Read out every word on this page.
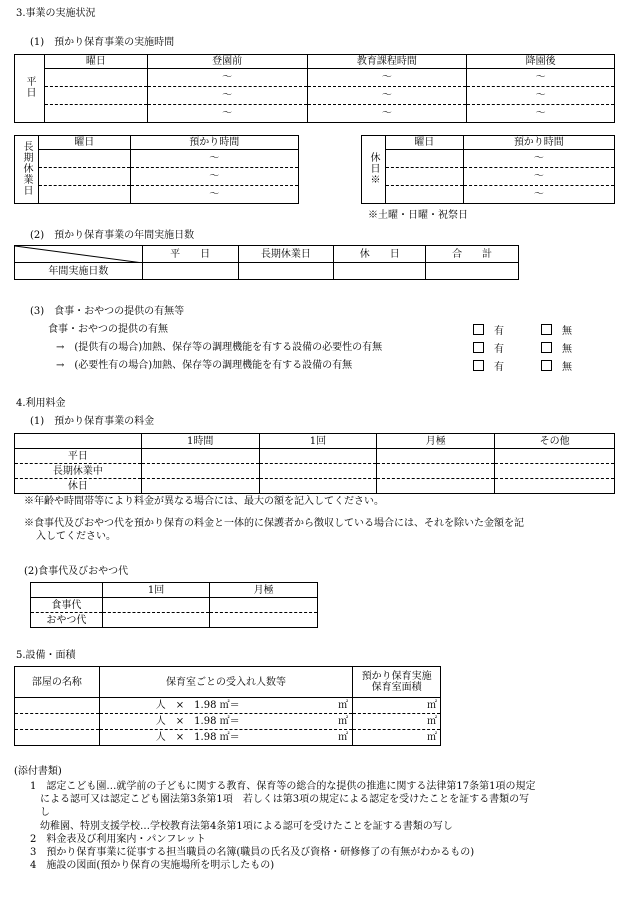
3.事業の実施状況
(1)　預かり保育事業の実施時間
平日	曜日	登園前	教育課程時間	降園後
		～	～	～
		～	～	～
		～	～	～
長期休業日	曜日	預かり時間
		～
		～
		～
休日※	曜日	預かり時間
		～
		～
		～
※土曜・日曜・祝祭日
(2)　預かり保育事業の年間実施日数
	平　　日	長期休業日	休　　日	合　　計
年間実施日数				
(3)　食事・おやつの提供の有無等
食事・おやつの提供の有無
→　(提供有の場合)加熱、保存等の調理機能を有する設備の必要性の有無
→　(必要性有の場合)加熱、保存等の調理機能を有する設備の有無
有	無
有	無
有	無
4.利用料金
(1)　預かり保育事業の料金
	1時間	1回	月極	その他
平日				
長期休業中				
休日				
※年齢や時間帯等により料金が異なる場合には、最大の額を記入してください。
※食事代及びおやつ代を預かり保育の料金と一体的に保護者から徴収している場合には、それを除いた金額を記
入してください。
(2)食事代及びおやつ代
	1回	月極
食事代		
おやつ代		
5.設備・面積
部屋の名称	保育室ごとの受入れ人数等	預かり保育実施
保育室面積

	人　×　1.98 ㎡＝ ㎡	㎡

	人　×　1.98 ㎡＝ ㎡	㎡

	人　×　1.98 ㎡＝ ㎡	㎡
(添付書類)
1　認定こども園…就学前の子どもに関する教育、保育等の総合的な提供の推進に関する法律第17条第1項の規定
による認可又は認定こども園法第3条第1項　若しくは第3項の規定による認定を受けたことを証する書類の写
し
幼稚園、特別支援学校…学校教育法第4条第1項による認可を受けたことを証する書類の写し
2　料金表及び利用案内・パンフレット
3　預かり保育事業に従事する担当職員の名簿(職員の氏名及び資格・研修修了の有無がわかるもの)
4　施設の図面(預かり保育の実施場所を明示したもの)
